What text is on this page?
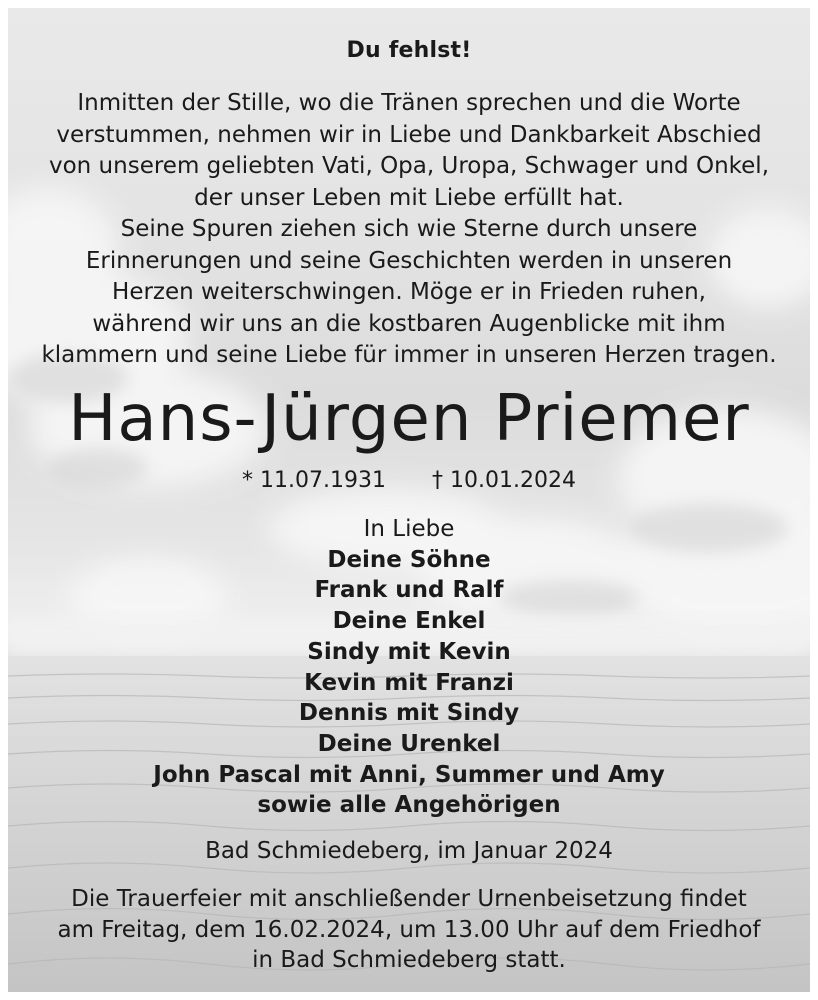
Du fehlst!
Inmitten der Stille, wo die Tränen sprechen und die Worte
verstummen, nehmen wir in Liebe und Dankbarkeit Abschied
von unserem geliebten Vati, Opa, Uropa, Schwager und Onkel,
der unser Leben mit Liebe erfüllt hat.
Seine Spuren ziehen sich wie Sterne durch unsere
Erinnerungen und seine Geschichten werden in unseren
Herzen weiterschwingen. Möge er in Frieden ruhen,
während wir uns an die kostbaren Augenblicke mit ihm
klammern und seine Liebe für immer in unseren Herzen tragen.
Hans-Jürgen Priemer
* 11.07.1931 † 10.01.2024
In Liebe
Deine Söhne
Frank und Ralf
Deine Enkel
Sindy mit Kevin
Kevin mit Franzi
Dennis mit Sindy
Deine Urenkel
John Pascal mit Anni, Summer und Amy
sowie alle Angehörigen
Bad Schmiedeberg, im Januar 2024
Die Trauerfeier mit anschließender Urnenbeisetzung findet
am Freitag, dem 16.02.2024, um 13.00 Uhr auf dem Friedhof
in Bad Schmiedeberg statt.
